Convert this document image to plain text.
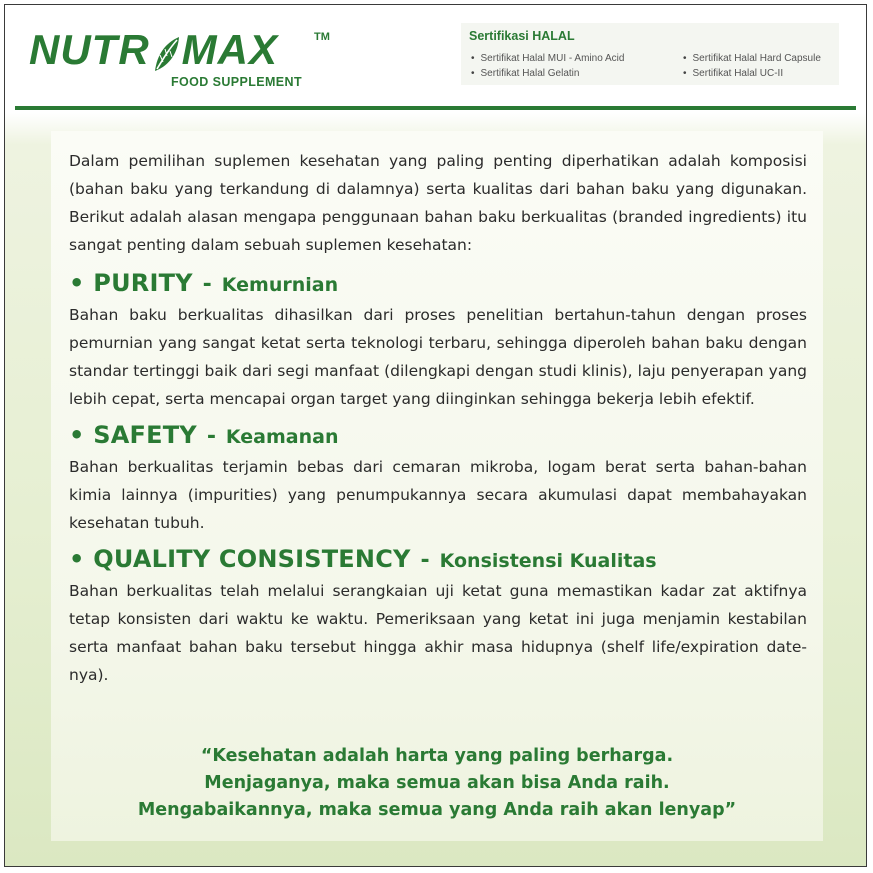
NUTR MAX	TM
FOOD SUPPLEMENT
Sertifikasi HALAL
• Sertifikat Halal MUI - Amino Acid
• Sertifikat Halal Gelatin
• Sertifikat Halal Hard Capsule
• Sertifikat Halal UC-II

Dalam pemilihan suplemen kesehatan yang paling penting diperhatikan adalah komposisi (bahan baku yang terkandung di dalamnya) serta kualitas dari bahan baku yang digunakan. Berikut adalah alasan mengapa penggunaan bahan baku berkualitas (branded ingredients) itu sangat penting dalam sebuah suplemen kesehatan:

• PURITY - Kemurnian

Bahan baku berkualitas dihasilkan dari proses penelitian bertahun-tahun dengan proses pemurnian yang sangat ketat serta teknologi terbaru, sehingga diperoleh bahan baku dengan standar tertinggi baik dari segi manfaat (dilengkapi dengan studi klinis), laju penyerapan yang lebih cepat, serta mencapai organ target yang diinginkan sehingga bekerja lebih efektif.

• SAFETY - Keamanan

Bahan berkualitas terjamin bebas dari cemaran mikroba, logam berat serta bahan-bahan kimia lainnya (impurities) yang penumpukannya secara akumulasi dapat membahayakan kesehatan tubuh.

• QUALITY CONSISTENCY - Konsistensi Kualitas

Bahan berkualitas telah melalui serangkaian uji ketat guna memastikan kadar zat aktifnya tetap konsisten dari waktu ke waktu. Pemeriksaan yang ketat ini juga menjamin kestabilan serta manfaat bahan baku tersebut hingga akhir masa hidupnya (shelf life/expiration date-nya).

“Kesehatan adalah harta yang paling berharga.
Menjaganya, maka semua akan bisa Anda raih.
Mengabaikannya, maka semua yang Anda raih akan lenyap”
